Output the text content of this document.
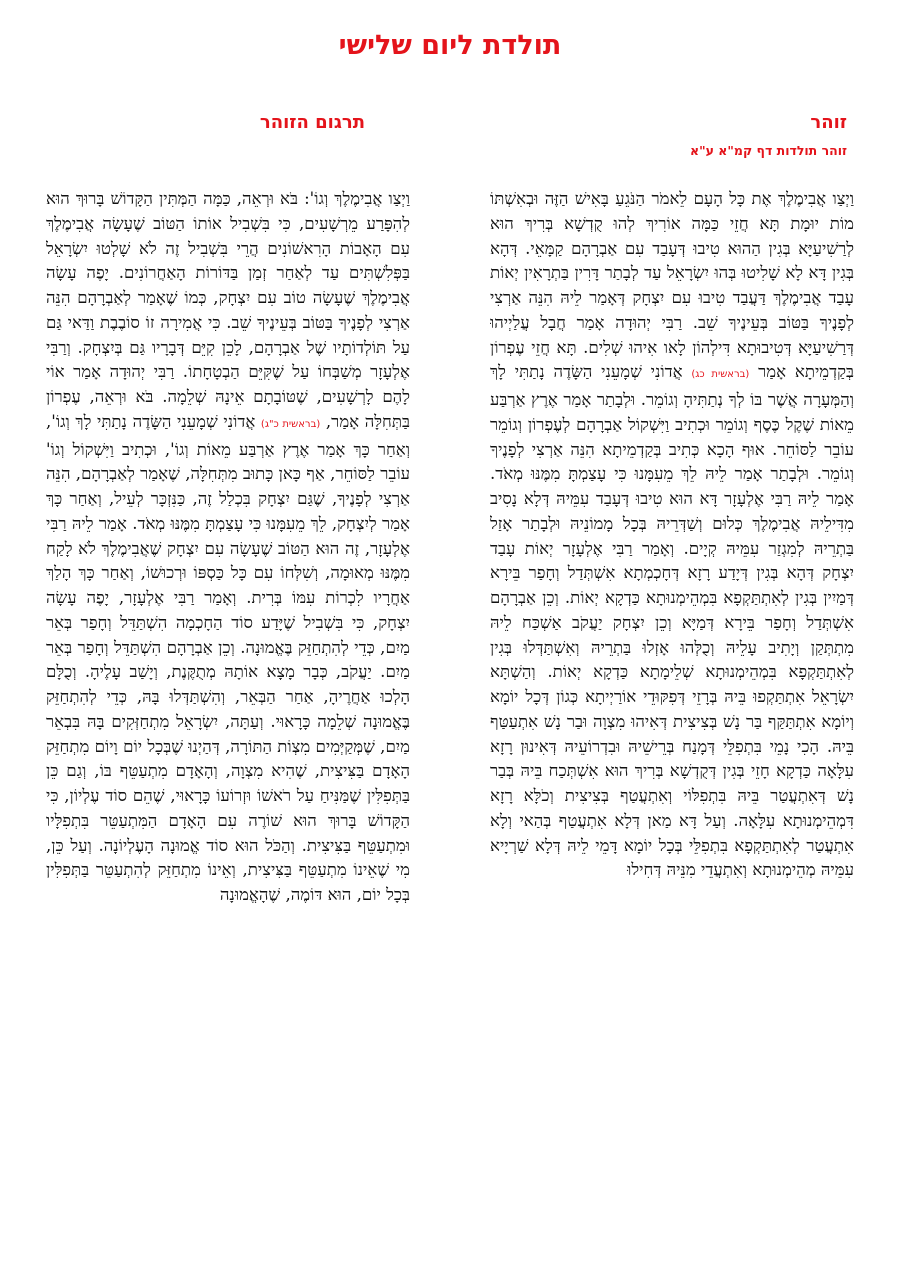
תולדת ליום שלישי
זוהר
תרגום הזוהר
זוהר תולדות דף קמ"א ע"א
וַיְצַו אֲבִימֶלֶךְ אֶת כָּל הָעָם לֵאמֹר הַנֹּגֵעַ בָּאִישׁ הַזֶּה וּבְאִשְׁתּוֹ מוֹת יוּמָת תָּא חֲזֵי כַּמָּה אוֹרִיךְ לְהוּ קֻדְשָׁא בְּרִיךְ הוּא לְרַשִׁיעַיָּא בְּגִין הַהוּא טִיבוּ דְּעָבַד עִם אַבְרָהָם קַמָּאֵי. דְּהָא בְּגִין דָּא לָא שָׁלִיטוּ בְּהוּ יִשְׂרָאֵל עַד לְבָתַר דָּרִין בַּתְרָאִין יְאוֹת עָבַד אֲבִימֶלֶךְ דַּעֲבַד טִיבוּ עִם יִצְחָק דְּאָמַר לֵיהּ הִנֵּה אַרְצִי לְפָנֶיךָ בַּטּוֹב בְּעֵינֶיךָ שֵׁב. רַבִּי יְהוּדָה אָמַר חֲבָל עֲלַיְיהוּ דְּרַשִׁיעַיָּא דְּטִיבוּתָא דִּילְהוֹן לָאו אִיהוּ שְׁלִים. תָּא חֲזֵי עֶפְרוֹן בְּקַדְמֵיתָא אָמַר (בראשית כג) אֲדוֹנִי שְׁמָעֵנִי הַשָּׂדֶה נָתַתִּי לָךְ וְהַמְּעָרָה אֲשֶׁר בּוֹ לְךָ נְתַתִּיהָ וְגוֹמֵר. וּלְבָתַר אָמַר אֶרֶץ אַרְבַּע מֵאוֹת שֶׁקֶל כֶּסֶף וְגוֹמֵר וּכְתִיב וַיִּשְׁקוֹל אַבְרָהָם לְעֶפְרוֹן וְגוֹמֵר עוֹבֵר לַסּוֹחֵר. אוּף הָכָא כְּתִיב בְּקַדְמֵיתָא הִנֵּה אַרְצִי לְפָנֶיךָ וְגוֹמֵר. וּלְבָתַר אָמַר לֵיהּ לֵךְ מֵעִמָּנוּ כִּי עָצַמְתָּ מִמֶּנּוּ מְאֹד. אָמַר לֵיהּ רַבִּי אֶלְעָזָר דָּא הוּא טִיבוּ דְּעָבַד עִמֵּיהּ דְּלָא נָסִיב מִדִּילֵיהּ אֲבִימֶלֶךְ כְּלוּם וְשַׁדְּרֵיהּ בְּכָל מָמוֹנֵיהּ וּלְבָתַר אָזַל בַּתְרֵיהּ לְמִגְזַר עִמֵּיהּ קְיָים. וְאָמַר רַבִּי אֶלְעָזָר יְאוֹת עָבַד יִצְחָק דְּהָא בְּגִין דְּיָדַע רָזָא דְּחָכְמְתָא אִשְׁתְּדַל וְחָפַר בֵּירָא דְּמַיִין בְּגִין לְאִתְתַּקְפָא בִּמְהֵימְנוּתָא כַּדְקָא יְאוֹת. וְכֵן אַבְרָהָם אִשְׁתְּדַל וְחָפַר בֵּירָא דְּמַיָּא וְכֵן יִצְחָק יַעֲקֹב אַשְׁכַּח לֵיהּ מִתְתְּקַן וְיָתִיב עָלֵיהּ וְכֻלְּהוּ אָזְלוּ בַּתְרֵיהּ וְאִשְׁתַּדְּלוּ בְּגִין לְאִתְתַּקְפָא בִּמְהֵימְנוּתָא שְׁלֵימָתָא כַּדְקָא יְאוֹת. וְהַשְׁתָּא יִשְׂרָאֵל אִתְתַּקְפוּ בֵּיהּ בְּרָזֵי דְּפִקּוּדֵי אוֹרַיְיתָא כְּגוֹן דְּכָל יוֹמָא וְיוֹמָא אִתְתַּקַּף בַּר נָשׁ בְּצִיצִית דְּאִיהוּ מִצְוָה וּבַר נָשׁ אִתְעַטַּף בֵּיהּ. הָכִי נָמֵי בִּתְפִלֵּי דְּמָנַח בְּרֵישֵׁיהּ וּבִדְרוֹעֵיהּ דְּאִינוּן רָזָא עִלָּאָה כַּדְקָא חָזֵי בְּגִין דְּקֻדְשָׁא בְּרִיךְ הוּא אִשְׁתְּכַח בֵּיהּ בְּבַר נָשׁ דְּאִתְעֲטַר בֵּיהּ בִּתְפִלּוֹי וְאִתְעֲטַף בְּצִיצִית וְכֹלָּא רָזָא דִּמְהֵימְנוּתָא עִלָּאָה. וְעַל דָּא מַאן דְּלָא אִתְעֲטַף בְּהַאי וְלָא אִתְעֲטַר לְאִתְתַּקְפָא בִּתְפִלֵּי בְּכָל יוֹמָא דָּמֵי לֵיהּ דְּלָא שַׁרְיָיא עִמֵּיהּ מְהֵימְנוּתָא וְאִתְעֲדֵי מִנֵּיהּ דְּחִילוּ
וַיְצַו אֲבִימֶלֶךְ וְגוֹ': בֹּא וּרְאֵה, כַּמָּה הַמְּתִּין הַקָּדוֹשׁ בָּרוּךְ הוּא לְהִפָּרַע מֵרְשָׁעִים, כִּי בִּשְׁבִיל אוֹתוֹ הַטּוֹב שֶׁעָשָׂה אֲבִימֶלֶךְ עִם הָאָבוֹת הָרִאשׁוֹנִים הֲרֵי בִּשְׁבִיל זֶה לֹא שָׁלְטוּ יִשְׂרָאֵל בַּפְּלִשְׁתִּים עַד לְאַחַר זְמַן בַּדּוֹרוֹת הָאַחֲרוֹנִים. יָפֶה עָשָׂה אֲבִימֶלֶךְ שֶׁעָשָׂה טוֹב עִם יִצְחָק, כְּמוֹ שֶׁאָמַר לְאַבְרָהָם הִנֵּה אַרְצִי לְפָנֶיךָ בַּטּוֹב בְּעֵינֶיךָ שֵׁב. כִּי אֲמִירָה זוֹ סוֹבֶבֶת וַדַּאי גַּם עַל תּוֹלְדוֹתָיו שֶׁל אַבְרָהָם, לָכֵן קִיֵּם דְּבָרָיו גַּם בְּיִצְחָק. וְרַבִּי אֶלְעָזָר מְשַׁבְּחוֹ עַל שֶׁקִּיֵּם הַבְטָחָתוֹ. רַבִּי יְהוּדָה אָמַר אוֹי לָהֶם לָרְשָׁעִים, שֶׁטּוֹבָתָם אֵינָהּ שְׁלֵמָה. בֹּא וּרְאֵה, עֶפְרוֹן בַּתְּחִלָּה אָמַר, (בראשית כ"ג) אֲדוֹנִי שְׁמָעֵנִי הַשָּׂדֶה נָתַתִּי לָךְ וְגוֹ', וְאַחַר כָּךְ אָמַר אֶרֶץ אַרְבַּע מֵאוֹת וְגוֹ', וּכְתִיב וַיִּשְׁקוֹל וְגוֹ' עוֹבֵר לַסּוֹחֵר, אַף כָּאן כָּתוּב מִתְּחִלָּה, שֶׁאָמַר לְאַבְרָהָם, הִנֵּה אַרְצִי לְפָנֶיךָ, שֶׁגַּם יִצְחָק בִּכְלַל זֶה, כַּנִּזְכָּר לְעֵיל, וְאַחַר כָּךְ אָמַר לְיִצְחָק, לֵךְ מֵעִמָּנוּ כִּי עָצַמְתָּ מִמֶּנּוּ מְאֹד. אָמַר לֵיהּ רַבִּי אֶלְעָזָר, זֶה הוּא הַטּוֹב שֶׁעָשָׂה עִם יִצְחָק שֶׁאֲבִימֶלֶךְ לֹא לָקַח מִמֶּנּוּ מְאוּמָה, וְשִׁלְּחוֹ עִם כָּל כַּסְפּוֹ וּרְכוּשׁוֹ, וְאַחַר כָּךְ הָלַךְ אַחֲרָיו לִכְרוֹת עִמּוֹ בְּרִית. וְאָמַר רַבִּי אֶלְעָזָר, יָפֶה עָשָׂה יִצְחָק, כִּי בִּשְׁבִיל שֶׁיָּדַע סוֹד הַחָכְמָה הִשְׁתַּדֵּל וְחָפַר בְּאֵר מַיִם, כְּדֵי לְהִתְחַזֵּק בֶּאֱמוּנָה. וְכֵן אַבְרָהָם הִשְׁתַּדֵּל וְחָפַר בְּאֵר מַיִם. יַעֲקֹב, כְּבָר מָצָא אוֹתָהּ מְתֻקֶּנֶת, וְיָשַׁב עָלֶיהָ. וְכֻלָּם הָלְכוּ אַחֲרֶיהָ, אַחַר הַבְּאֵר, וְהִשְׁתַּדְּלוּ בָּהּ, כְּדֵי לְהִתְחַזֵּק בֶּאֱמוּנָה שְׁלֵמָה כָּרָאוּי. וְעַתָּה, יִשְׂרָאֵל מִתְחַזְּקִים בָּהּ בִּבְאֵר מַיִם, שֶׁמְּקַיְּמִים מִצְוֹת הַתּוֹרָה, דְּהַיְנוּ שֶׁבְּכָל יוֹם וָיוֹם מִתְחַזֵּק הָאָדָם בַּצִּיצִית, שֶׁהִיא מִצְוָה, וְהָאָדָם מִתְעַטֵּף בּוֹ, וְגַם כֵּן בַּתְּפִלִּין שֶׁמַּנִּיחַ עַל רֹאשׁוֹ וּזְרוֹעוֹ כָּרָאוּי, שֶׁהֵם סוֹד עֶלְיוֹן, כִּי הַקָּדוֹשׁ בָּרוּךְ הוּא שׁוֹרֶה עִם הָאָדָם הַמִּתְעַטֵּר בִּתְפִלָּיו וּמִתְעַטֵּף בַּצִּיצִית. וְהַכֹּל הוּא סוֹד אֱמוּנָה הָעֶלְיוֹנָה. וְעַל כֵּן, מִי שֶׁאֵינוֹ מִתְעַטֵּף בַּצִּיצִית, וְאֵינוֹ מִתְחַזֵּק לְהִתְעַטֵּר בַּתְּפִלִּין בְּכָל יוֹם, הוּא דּוֹמֶה, שֶׁהָאֱמוּנָה
